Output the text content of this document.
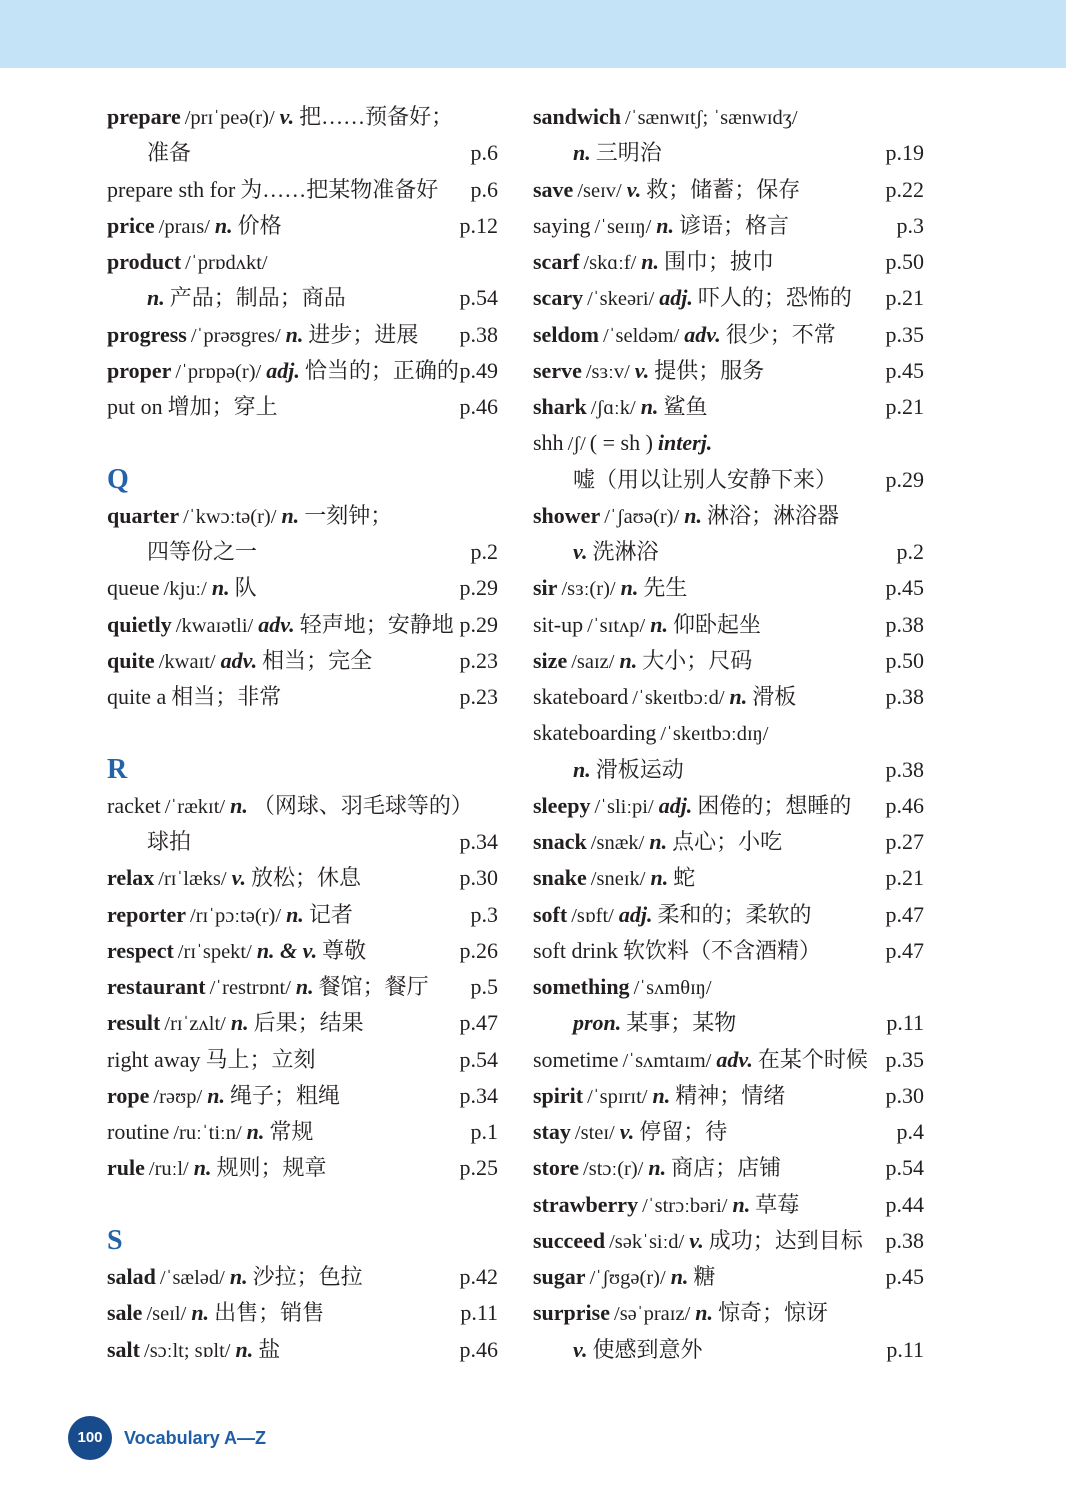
prepare /prɪˈpeə(r)/ v. 把……预备好；
准备	p.6
prepare sth for 为……把某物准备好 p.6
price /praɪs/ n. 价格	p.12
product /ˈprɒdʌkt/
n. 产品；制品；商品	p.54
progress /ˈprəʊgres/ n. 进步；进展 p.38
proper /ˈprɒpə(r)/ adj. 恰当的；正确的 p.49
put on 增加；穿上	p.46
Q
quarter /ˈkwɔːtə(r)/ n. 一刻钟；
四等份之一	p.2
queue /kjuː/ n. 队	p.29
quietly /kwaɪətli/ adv. 轻声地；安静地 p.29
quite /kwaɪt/ adv. 相当；完全	p.23
quite a 相当；非常	p.23
R
racket /ˈrækɪt/ n. （网球、羽毛球等的）
球拍	p.34
relax /rɪˈlæks/ v. 放松；休息	p.30
reporter /rɪˈpɔːtə(r)/ n. 记者	p.3
respect /rɪˈspekt/ n. & v. 尊敬	p.26
restaurant /ˈrestrɒnt/ n. 餐馆；餐厅 p.5
result /rɪˈzʌlt/ n. 后果；结果	p.47
right away 马上；立刻	p.54
rope /rəʊp/ n. 绳子；粗绳	p.34
routine /ruːˈtiːn/ n. 常规	p.1
rule /ruːl/ n. 规则；规章	p.25
S
salad /ˈsæləd/ n. 沙拉；色拉	p.42
sale /seɪl/ n. 出售；销售	p.11
salt /sɔːlt; sɒlt/ n. 盐	p.46
sandwich /ˈsænwɪtʃ; ˈsænwɪdʒ/
n. 三明治	p.19
save /seɪv/ v. 救；储蓄；保存	p.22
saying /ˈseɪɪŋ/ n. 谚语；格言	p.3
scarf /skɑːf/ n. 围巾；披巾	p.50
scary /ˈskeəri/ adj. 吓人的；恐怖的 p.21
seldom /ˈseldəm/ adv. 很少；不常 p.35
serve /sɜːv/ v. 提供；服务	p.45
shark /ʃɑːk/ n. 鲨鱼	p.21
shh /ʃ/ ( = sh ) interj.
嘘（用以让别人安静下来） p.29
shower /ˈʃaʊə(r)/ n. 淋浴；淋浴器
v. 洗淋浴	p.2
sir /sɜː(r)/ n. 先生	p.45
sit-up /ˈsɪtʌp/ n. 仰卧起坐	p.38
size /saɪz/ n. 大小；尺码	p.50
skateboard /ˈskeɪtbɔːd/ n. 滑板	p.38
skateboarding /ˈskeɪtbɔːdɪŋ/
n. 滑板运动	p.38
sleepy /ˈsliːpi/ adj. 困倦的；想睡的 p.46
snack /snæk/ n. 点心；小吃	p.27
snake /sneɪk/ n. 蛇	p.21
soft /sɒft/ adj. 柔和的；柔软的	p.47
soft drink 软饮料（不含酒精）	p.47
something /ˈsʌmθɪŋ/
pron. 某事；某物	p.11
sometime /ˈsʌmtaɪm/ adv. 在某个时候 p.35
spirit /ˈspɪrɪt/ n. 精神；情绪	p.30
stay /steɪ/ v. 停留；待	p.4
store /stɔː(r)/ n. 商店；店铺	p.54
strawberry /ˈstrɔːbəri/ n. 草莓	p.44
succeed /səkˈsiːd/ v. 成功；达到目标 p.38
sugar /ˈʃʊgə(r)/ n. 糖	p.45
surprise /səˈpraɪz/ n. 惊奇；惊讶
v. 使感到意外	p.11
100	Vocabulary A—Z
